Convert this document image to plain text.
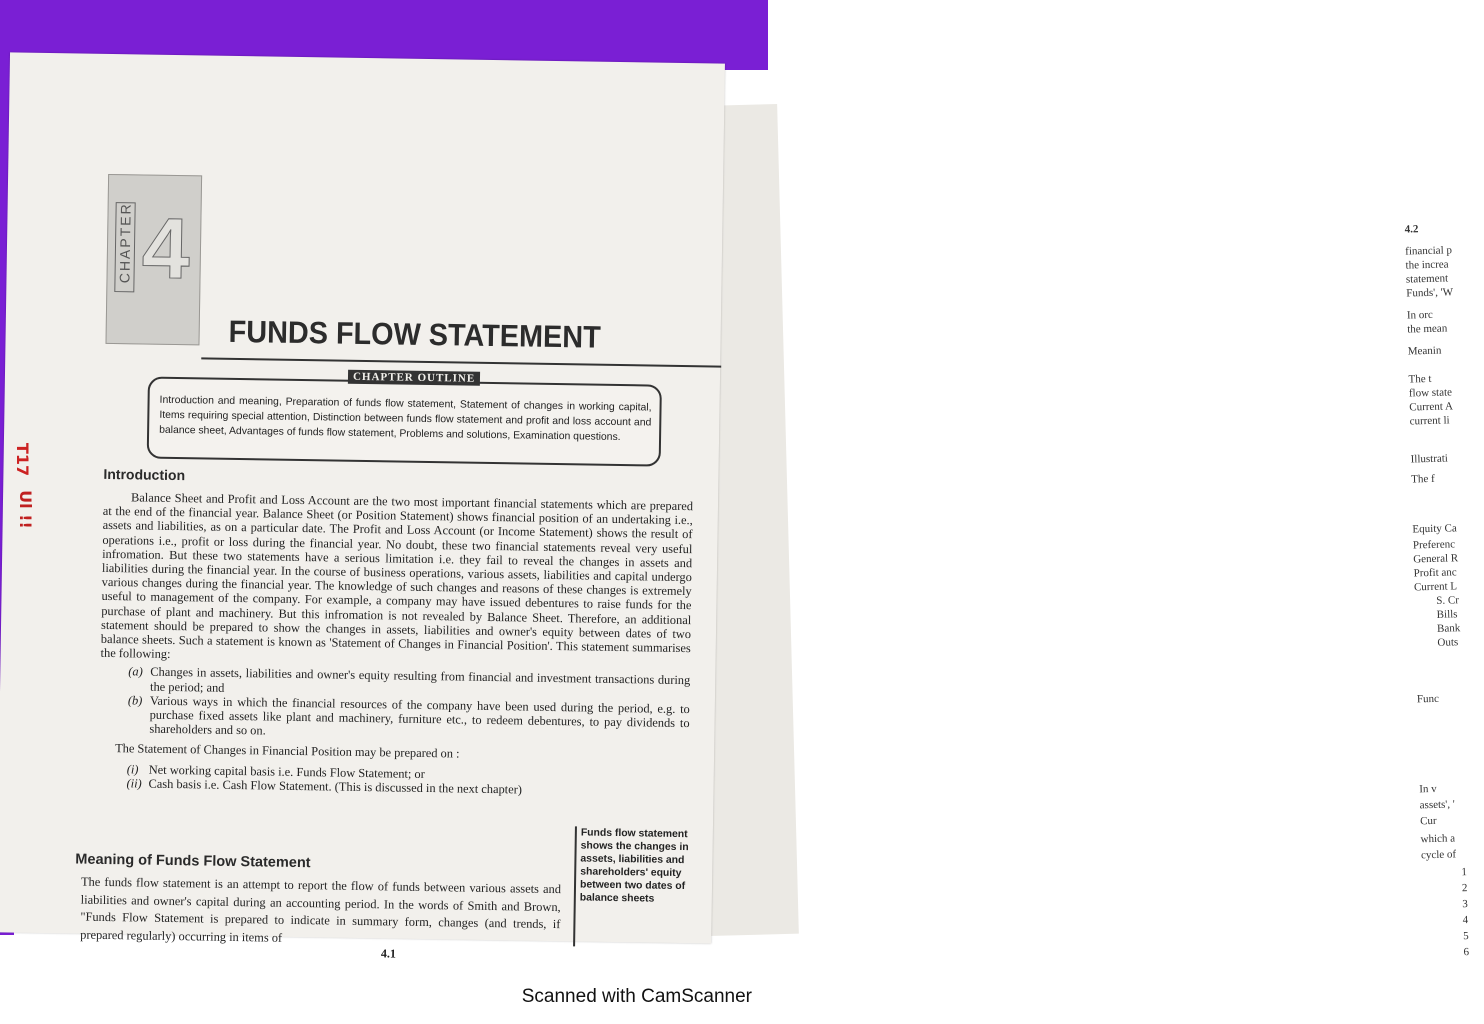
4.2
financial p
the increa
statement
Funds', 'W
In orc
the mean
Meanin
The t
flow state
Current A
current li
Illustrati
The f
Equity Ca
Preferenc
General R
Profit anc
Current L
S. Cr
Bills
Bank
Outs
Func
In v
assets', '
Cur
which a
cycle of
1
2
3
4
5
6
CHAPTER 4
FUNDS FLOW STATEMENT
CHAPTER OUTLINE
Introduction and meaning, Preparation of funds flow statement, Statement of changes in working capital, Items requiring special attention, Distinction between funds flow statement and profit and loss account and balance sheet, Advantages of funds flow statement, Problems and solutions, Examination questions.
Introduction

Balance Sheet and Profit and Loss Account are the two most important financial statements which are prepared at the end of the financial year. Balance Sheet (or Position Statement) shows financial position of an undertaking i.e., assets and liabilities, as on a particular date. The Profit and Loss Account (or Income Statement) shows the result of operations i.e., profit or loss during the financial year. No doubt, these two financial statements reveal very useful infromation. But these two statements have a serious limitation i.e. they fail to reveal the changes in assets and liabilities during the financial year. In the course of business operations, various assets, liabilities and capital undergo various changes during the financial year. The knowledge of such changes and reasons of these changes is extremely useful to management of the company. For example, a company may have issued debentures to raise funds for the purchase of plant and machinery. But this infromation is not revealed by Balance Sheet. Therefore, an additional statement should be prepared to show the changes in assets, liabilities and owner's equity between dates of two balance sheets. Such a statement is known as 'Statement of Changes in Financial Position'. This statement summarises the following:

(a) Changes in assets, liabilities and owner's equity resulting from financial and investment transactions during the period; and

(b) Various ways in which the financial resources of the company have been used during the period, e.g. to purchase fixed assets like plant and machinery, furniture etc., to redeem debentures, to pay dividends to shareholders and so on.

The Statement of Changes in Financial Position may be prepared on :

(i) Net working capital basis i.e. Funds Flow Statement; or

(ii) Cash basis i.e. Cash Flow Statement. (This is discussed in the next chapter)

Meaning of Funds Flow Statement
The funds flow statement is an attempt to report the flow of funds between various assets and liabilities and owner's capital during an accounting period. In the words of Smith and Brown, "Funds Flow Statement is prepared to indicate in summary form, changes (and trends, if prepared regularly) occurring in items of
Funds flow statement shows the changes in assets, liabilities and shareholders' equity between two dates of balance sheets
4.1
T17
Ul !!
Scanned with CamScanner
